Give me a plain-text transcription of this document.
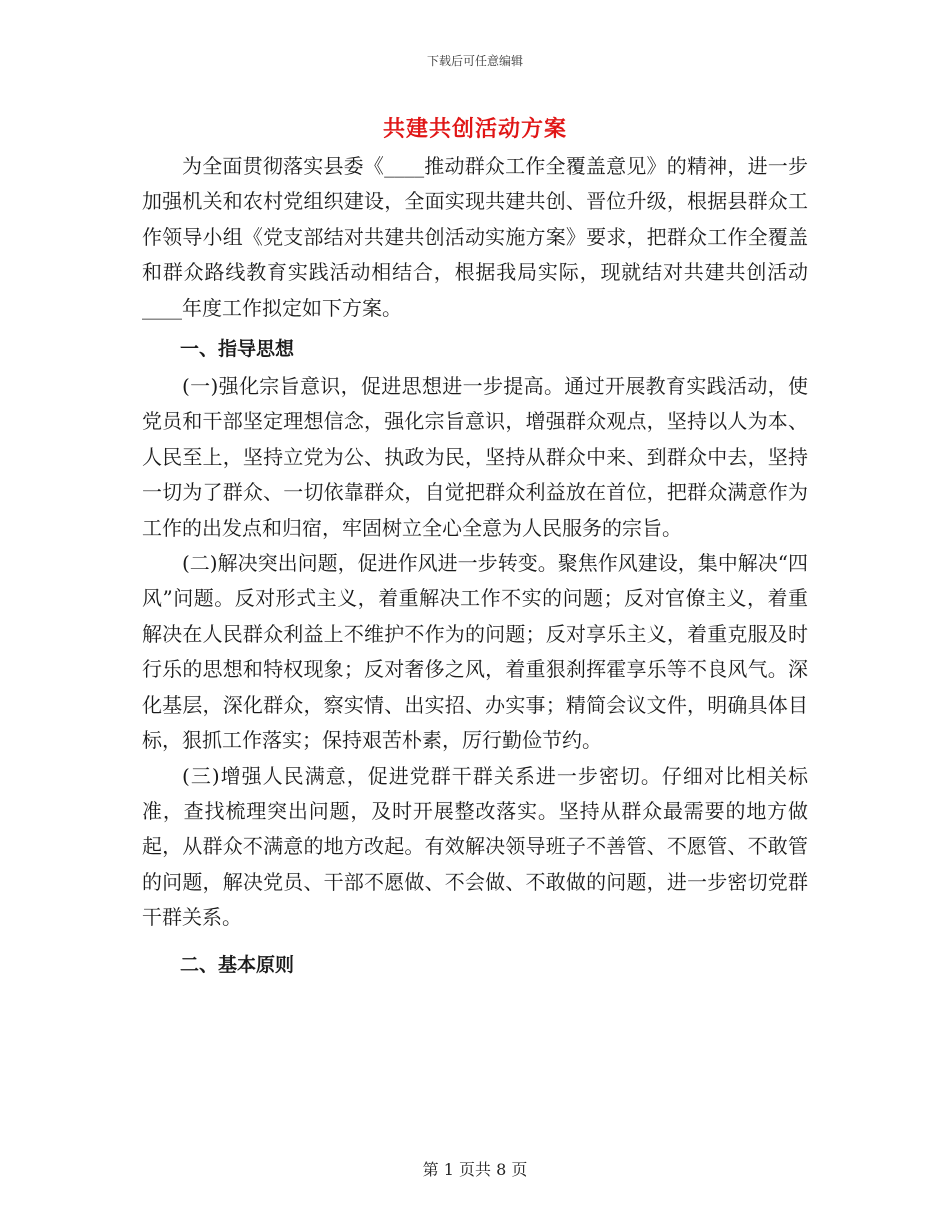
下载后可任意编辑
共建共创活动方案

为全面贯彻落实县委《____推动群众工作全覆盖意见》的精神，进一步加强机关和农村党组织建设，全面实现共建共创、晋位升级，根据县群众工作领导小组《党支部结对共建共创活动实施方案》要求，把群众工作全覆盖和群众路线教育实践活动相结合，根据我局实际，现就结对共建共创活动____年度工作拟定如下方案。

一、指导思想

(一)强化宗旨意识，促进思想进一步提高。通过开展教育实践活动，使党员和干部坚定理想信念，强化宗旨意识，增强群众观点，坚持以人为本、人民至上，坚持立党为公、执政为民，坚持从群众中来、到群众中去，坚持一切为了群众、一切依靠群众，自觉把群众利益放在首位，把群众满意作为工作的出发点和归宿，牢固树立全心全意为人民服务的宗旨。

(二)解决突出问题，促进作风进一步转变。聚焦作风建设，集中解决“四风”问题。反对形式主义，着重解决工作不实的问题；反对官僚主义，着重解决在人民群众利益上不维护不作为的问题；反对享乐主义，着重克服及时行乐的思想和特权现象；反对奢侈之风，着重狠刹挥霍享乐等不良风气。深化基层，深化群众，察实情、出实招、办实事；精简会议文件，明确具体目标，狠抓工作落实；保持艰苦朴素，厉行勤俭节约。

(三)增强人民满意，促进党群干群关系进一步密切。仔细对比相关标准，查找梳理突出问题，及时开展整改落实。坚持从群众最需要的地方做起，从群众不满意的地方改起。有效解决领导班子不善管、不愿管、不敢管的问题，解决党员、干部不愿做、不会做、不敢做的问题，进一步密切党群干群关系。

二、基本原则

第 1 页共 8 页
